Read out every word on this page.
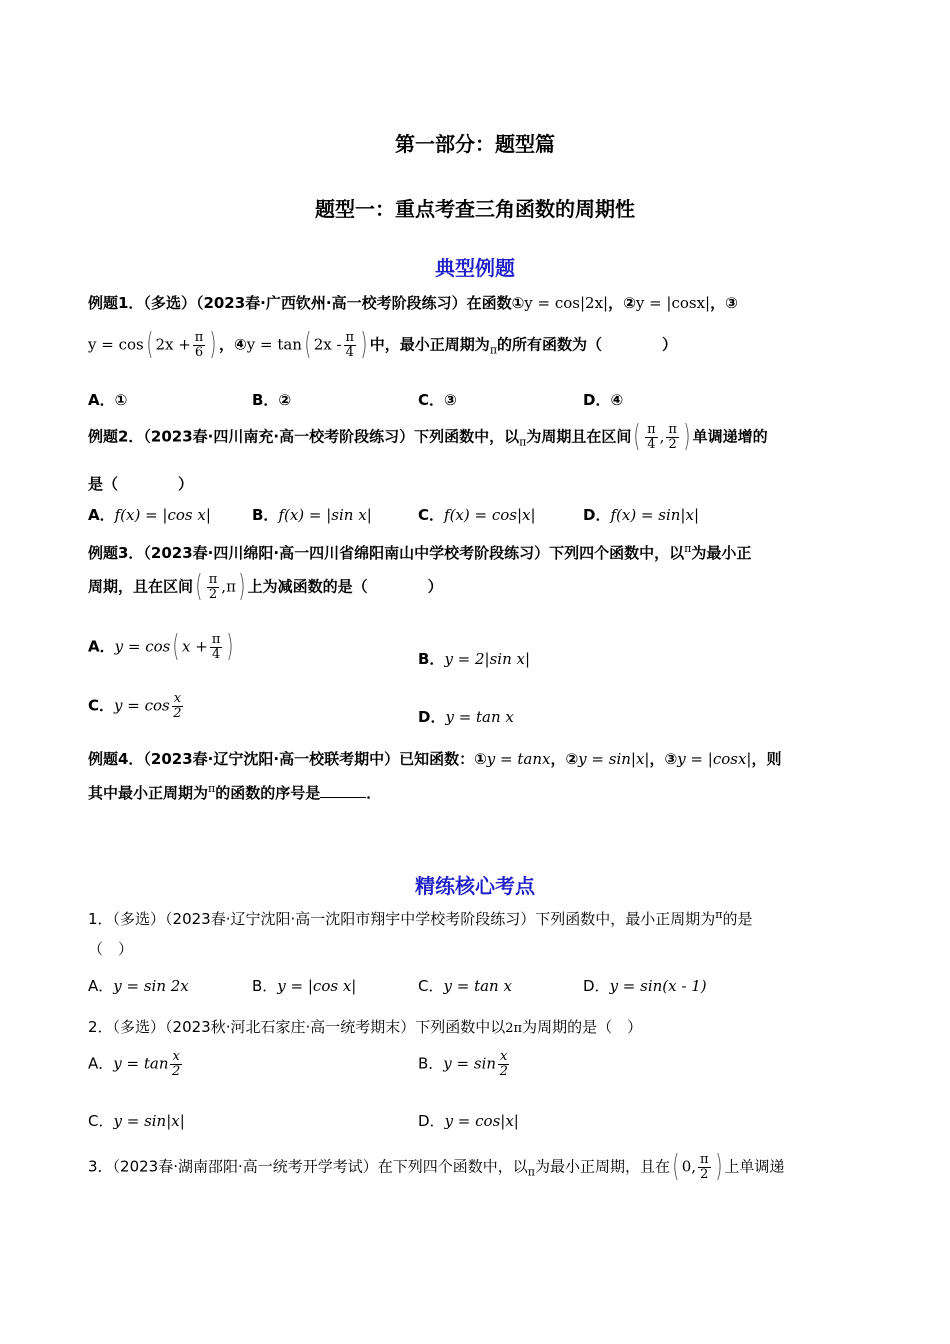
第一部分：题型篇
题型一：重点考查三角函数的周期性
典型例题
例题1．（多选）（2023春·广西钦州·高一校考阶段练习）在函数①y = cos|2x|，②y = |cosx|，③
y = cos( $2x + \frac{\pi}{6}$ ) ，④y = tan( $2x - \frac{\pi}{4}$ ) 中，最小正周期为$_\pi$的所有函数为（　　　　）
A．①	B．②	C．③	D．④
例题2．（2023春·四川南充·高一校考阶段练习）下列函数中，以$_\pi$为周期且在区间( $\frac{\pi}{4}$ , $\frac{\pi}{2}$ ) 单调递增的
是（　　　　）
A．f(x) = |cos x|	B．f(x) = |sin x|	C．f(x) = cos|x|	D．f(x) = sin|x|
例题3．（2023春·四川绵阳·高一四川省绵阳南山中学校考阶段练习）下列四个函数中，以$^\pi$为最小正
周期，且在区间( $\frac{\pi}{2} ,\pi$) 上为减函数的是（　　　　）
A．y = cos( $x + \frac{\pi}{4}$ )	B．y = 2|sin x|
C．$y = \cos \frac{x}{2}$	D．y = tan x
例题4．（2023春·辽宁沈阳·高一校联考期中）已知函数：①y = tanx，②y = sin|x|，③y = |cosx|，则
其中最小正周期为$^\pi$的函数的序号是	．
精练核心考点
1．（多选）（2023春·辽宁沈阳·高一沈阳市翔宇中学校考阶段练习）下列函数中，最小正周期为$^\pi$的是
（　）
A．y = sin 2x	B．y = |cos x|	C．y = tan x	D．y = sin(x - 1)
2．（多选）（2023秋·河北石家庄·高一统考期末）下列函数中以2π为周期的是（　）
A．$y = \tan \frac{x}{2}$	B．$y = \sin \frac{x}{2}$
C．y = sin|x|	D．y = cos|x|
3．（2023春·湖南邵阳·高一统考开学考试）在下列四个函数中，以$_\pi$为最小正周期，且在( 0, $\frac{\pi}{2}$ ) 上单调递
